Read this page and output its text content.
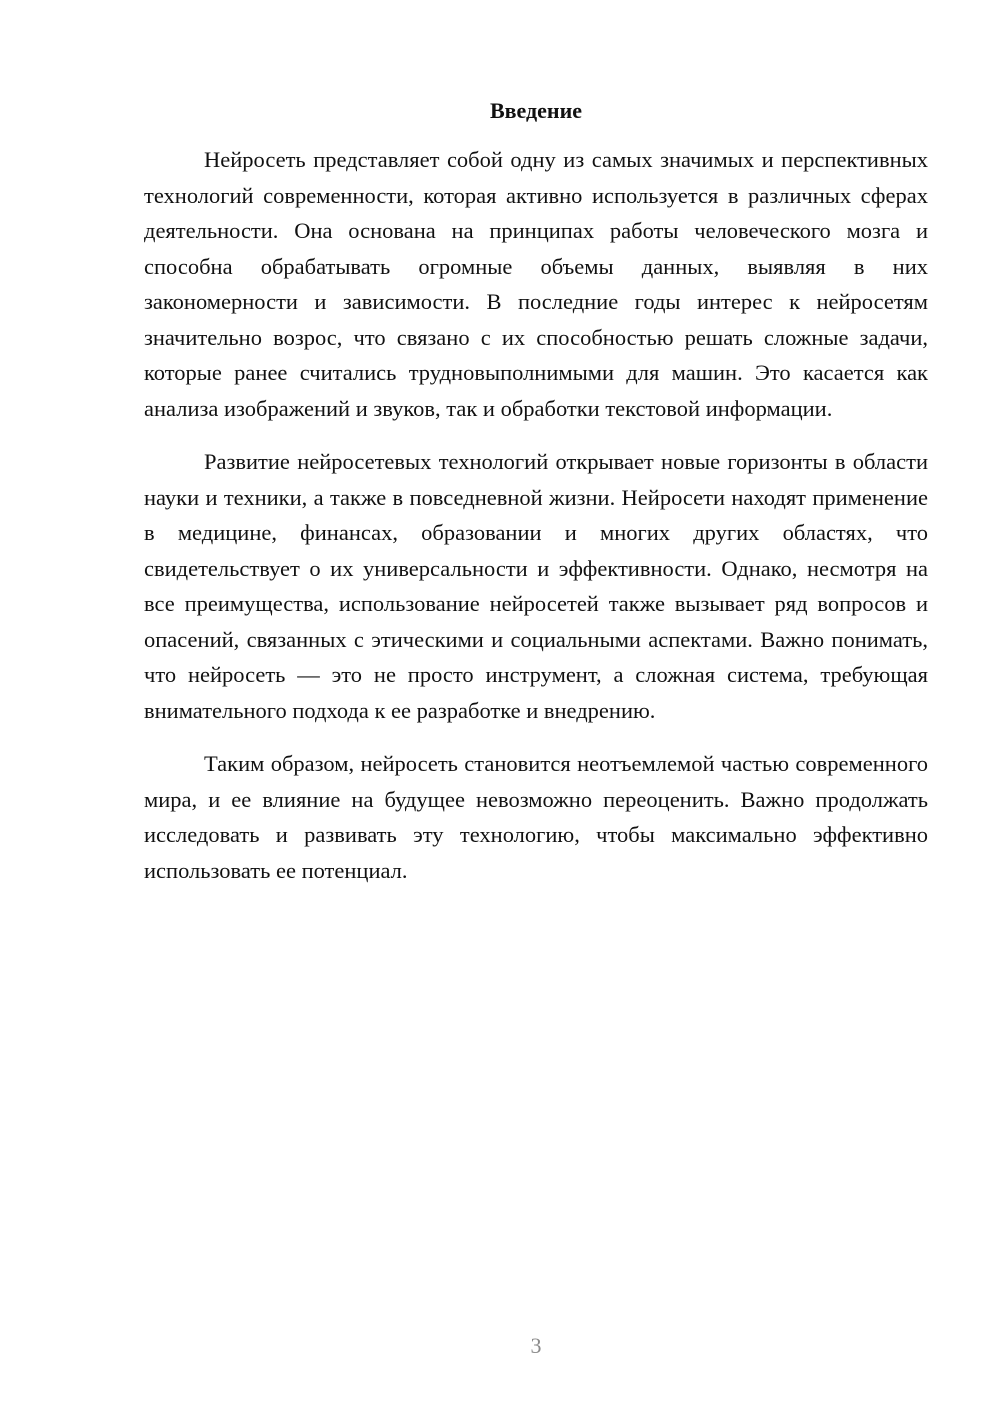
Введение

Нейросеть представляет собой одну из самых значимых и перспективных технологий современности, которая активно используется в различных сферах деятельности. Она основана на принципах работы человеческого мозга и способна обрабатывать огромные объемы данных, выявляя в них закономерности и зависимости. В последние годы интерес к нейросетям значительно возрос, что связано с их способностью решать сложные задачи, которые ранее считались трудновыполнимыми для машин. Это касается как анализа изображений и звуков, так и обработки текстовой информации.

Развитие нейросетевых технологий открывает новые горизонты в области науки и техники, а также в повседневной жизни. Нейросети находят применение в медицине, финансах, образовании и многих других областях, что свидетельствует о их универсальности и эффективности. Однако, несмотря на все преимущества, использование нейросетей также вызывает ряд вопросов и опасений, связанных с этическими и социальными аспектами. Важно понимать, что нейросеть — это не просто инструмент, а сложная система, требующая внимательного подхода к ее разработке и внедрению.

Таким образом, нейросеть становится неотъемлемой частью современного мира, и ее влияние на будущее невозможно переоценить. Важно продолжать исследовать и развивать эту технологию, чтобы максимально эффективно использовать ее потенциал.

3
